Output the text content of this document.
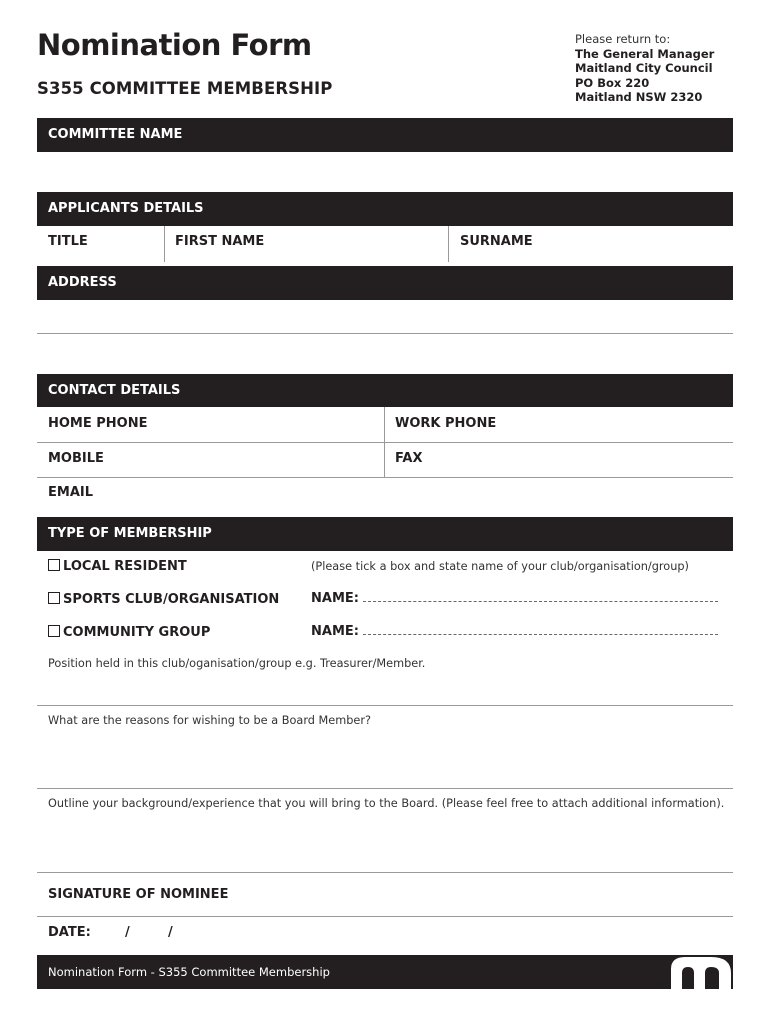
Nomination Form
S355 COMMITTEE MEMBERSHIP
Please return to:
The General Manager
Maitland City Council
PO Box 220
Maitland NSW 2320
COMMITTEE NAME
APPLICANTS DETAILS
TITLE	FIRST NAME	SURNAME
ADDRESS
CONTACT DETAILS
HOME PHONE	WORK PHONE
MOBILE	FAX
EMAIL
TYPE OF MEMBERSHIP
LOCAL RESIDENT	(Please tick a box and state name of your club/organisation/group)
SPORTS CLUB/ORGANISATION NAME:
COMMUNITY GROUP	NAME:
Position held in this club/oganisation/group e.g. Treasurer/Member.
What are the reasons for wishing to be a Board Member?
Outline your background/experience that you will bring to the Board. (Please feel free to attach additional information).
SIGNATURE OF NOMINEE
DATE:	/	/
Nomination Form - S355 Committee Membership
